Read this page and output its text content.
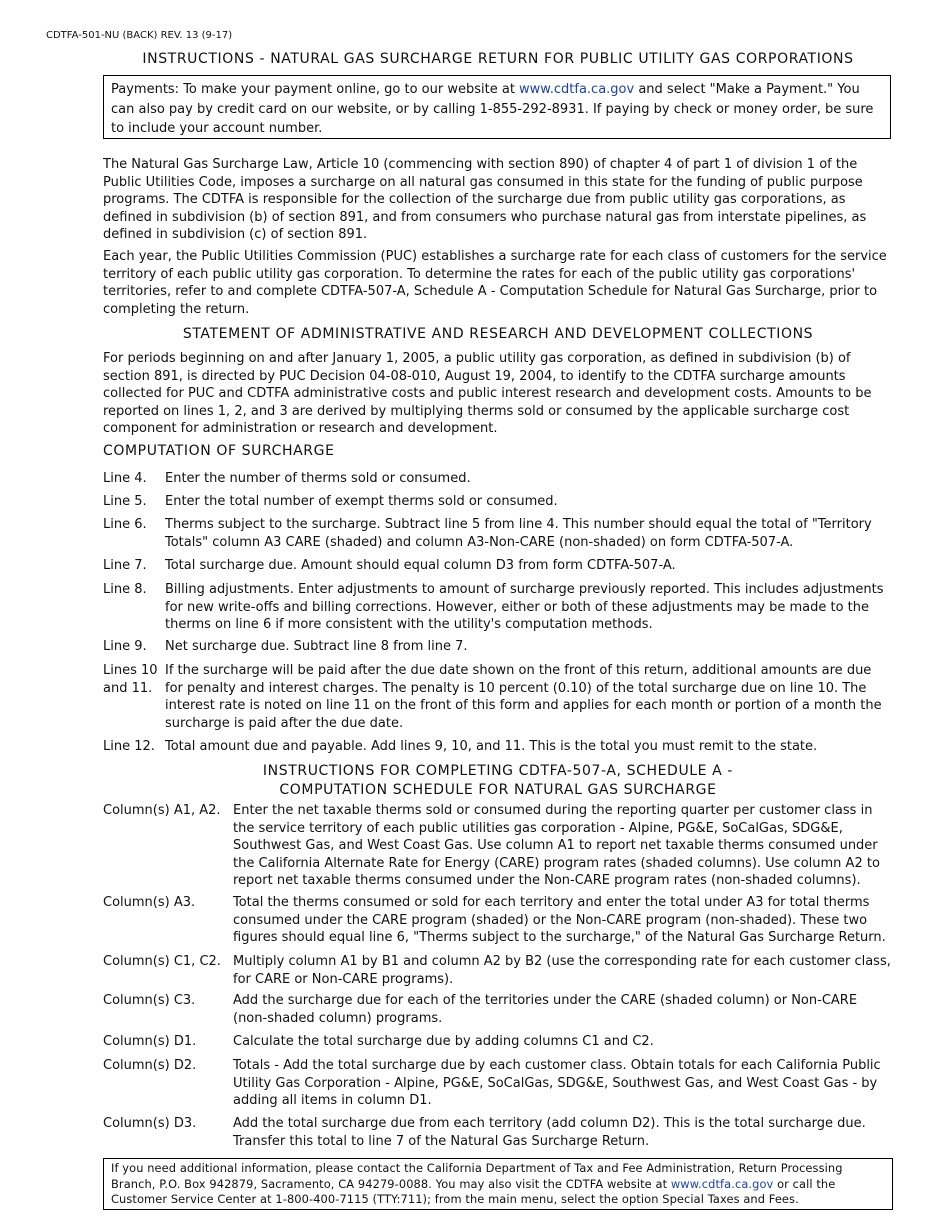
CDTFA-501-NU (BACK) REV. 13 (9-17)
INSTRUCTIONS - NATURAL GAS SURCHARGE RETURN FOR PUBLIC UTILITY GAS CORPORATIONS
Payments: To make your payment online, go to our website at www.cdtfa.ca.gov and select "Make a Payment." You can also pay by credit card on our website, or by calling 1-855-292-8931. If paying by check or money order, be sure to include your account number.
The Natural Gas Surcharge Law, Article 10 (commencing with section 890) of chapter 4 of part 1 of division 1 of the Public Utilities Code, imposes a surcharge on all natural gas consumed in this state for the funding of public purpose programs. The CDTFA is responsible for the collection of the surcharge due from public utility gas corporations, as defined in subdivision (b) of section 891, and from consumers who purchase natural gas from interstate pipelines, as defined in subdivision (c) of section 891.
Each year, the Public Utilities Commission (PUC) establishes a surcharge rate for each class of customers for the service territory of each public utility gas corporation. To determine the rates for each of the public utility gas corporations' territories, refer to and complete CDTFA-507-A, Schedule A - Computation Schedule for Natural Gas Surcharge, prior to completing the return.
STATEMENT OF ADMINISTRATIVE AND RESEARCH AND DEVELOPMENT COLLECTIONS
For periods beginning on and after January 1, 2005, a public utility gas corporation, as defined in subdivision (b) of section 891, is directed by PUC Decision 04-08-010, August 19, 2004, to identify to the CDTFA surcharge amounts collected for PUC and CDTFA administrative costs and public interest research and development costs. Amounts to be reported on lines 1, 2, and 3 are derived by multiplying therms sold or consumed by the applicable surcharge cost component for administration or research and development.
COMPUTATION OF SURCHARGE
Line 4.	Enter the number of therms sold or consumed.
Line 5.	Enter the total number of exempt therms sold or consumed.
Line 6.	Therms subject to the surcharge. Subtract line 5 from line 4. This number should equal the total of "Territory Totals" column A3 CARE (shaded) and column A3-Non-CARE (non-shaded) on form CDTFA-507-A.
Line 7.	Total surcharge due. Amount should equal column D3 from form CDTFA-507-A.
Line 8.	Billing adjustments. Enter adjustments to amount of surcharge previously reported. This includes adjustments for new write-offs and billing corrections. However, either or both of these adjustments may be made to the therms on line 6 if more consistent with the utility's computation methods.
Line 9.	Net surcharge due. Subtract line 8 from line 7.
Lines 10 and 11.
If the surcharge will be paid after the due date shown on the front of this return, additional amounts are due for penalty and interest charges. The penalty is 10 percent (0.10) of the total surcharge due on line 10. The interest rate is noted on line 11 on the front of this form and applies for each month or portion of a month the surcharge is paid after the due date.
Line 12. Total amount due and payable. Add lines 9, 10, and 11. This is the total you must remit to the state.
INSTRUCTIONS FOR COMPLETING CDTFA-507-A, SCHEDULE A -
COMPUTATION SCHEDULE FOR NATURAL GAS SURCHARGE
Column(s) A1, A2. Enter the net taxable therms sold or consumed during the reporting quarter per customer class in the service territory of each public utilities gas corporation - Alpine, PG&E, SoCalGas, SDG&E, Southwest Gas, and West Coast Gas. Use column A1 to report net taxable therms consumed under the California Alternate Rate for Energy (CARE) program rates (shaded columns). Use column A2 to report net taxable therms consumed under the Non-CARE program rates (non-shaded columns).
Column(s) A3.	Total the therms consumed or sold for each territory and enter the total under A3 for total therms consumed under the CARE program (shaded) or the Non-CARE program (non-shaded). These two figures should equal line 6, "Therms subject to the surcharge," of the Natural Gas Surcharge Return.
Column(s) C1, C2. Multiply column A1 by B1 and column A2 by B2 (use the corresponding rate for each customer class, for CARE or Non-CARE programs).
Column(s) C3.	Add the surcharge due for each of the territories under the CARE (shaded column) or Non-CARE (non-shaded column) programs.
Column(s) D1.	Calculate the total surcharge due by adding columns C1 and C2.
Column(s) D2.	Totals - Add the total surcharge due by each customer class. Obtain totals for each California Public Utility Gas Corporation - Alpine, PG&E, SoCalGas, SDG&E, Southwest Gas, and West Coast Gas - by adding all items in column D1.
Column(s) D3.	Add the total surcharge due from each territory (add column D2). This is the total surcharge due. Transfer this total to line 7 of the Natural Gas Surcharge Return.
If you need additional information, please contact the California Department of Tax and Fee Administration, Return Processing Branch, P.O. Box 942879, Sacramento, CA 94279-0088. You may also visit the CDTFA website at www.cdtfa.ca.gov or call the Customer Service Center at 1-800-400-7115 (TTY:711); from the main menu, select the option Special Taxes and Fees.
